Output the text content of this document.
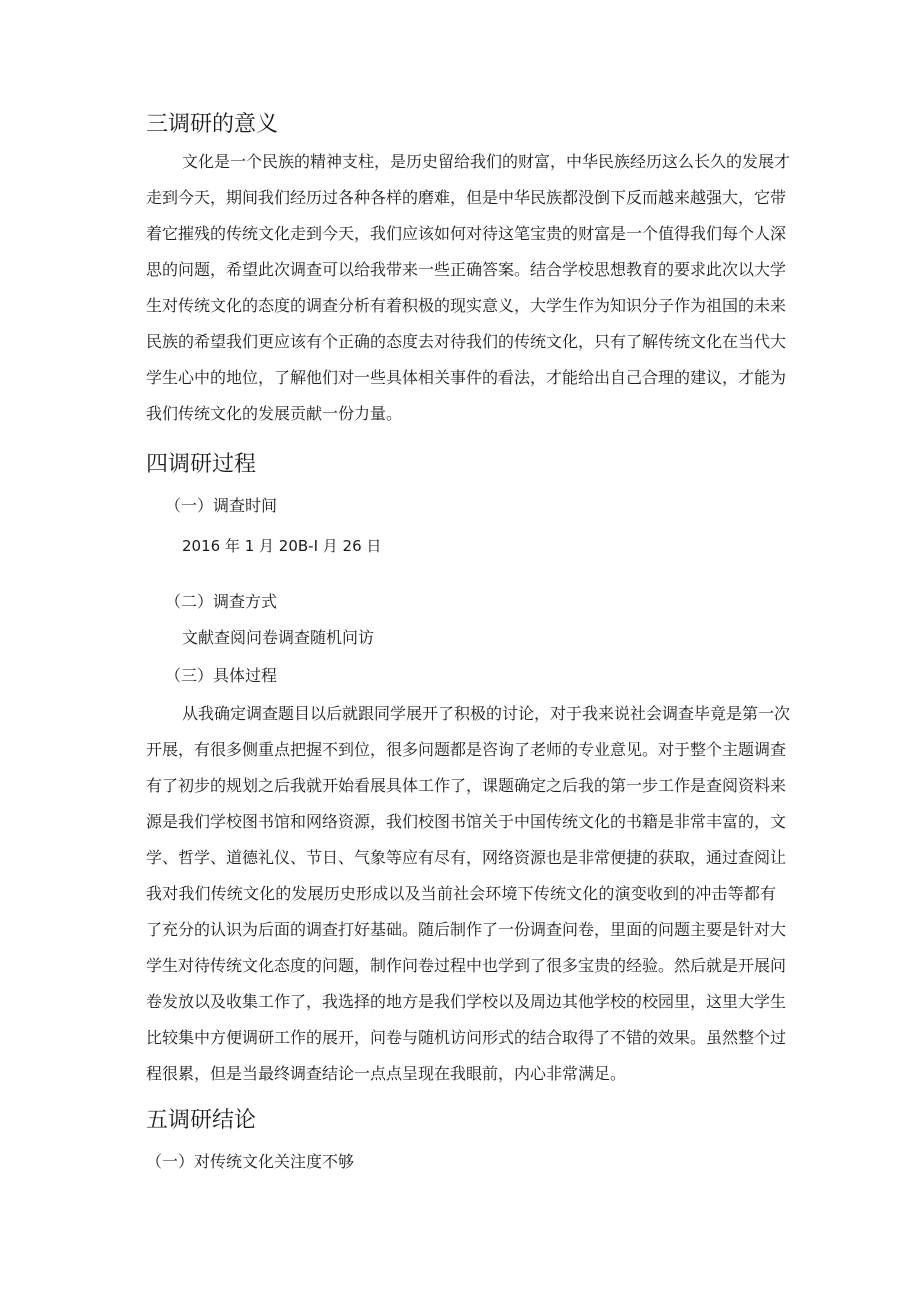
三调研的意义
文化是一个民族的精神支柱，是历史留给我们的财富，中华民族经历这么长久的发展才
走到今天，期间我们经历过各种各样的磨难，但是中华民族都没倒下反而越来越强大，它带
着它摧残的传统文化走到今天，我们应该如何对待这笔宝贵的财富是一个值得我们每个人深
思的问题，希望此次调查可以给我带来一些正确答案。结合学校思想教育的要求此次以大学
生对传统文化的态度的调查分析有着积极的现实意义，大学生作为知识分子作为祖国的未来
民族的希望我们更应该有个正确的态度去对待我们的传统文化，只有了解传统文化在当代大
学生心中的地位，了解他们对一些具体相关事件的看法，才能给出自己合理的建议，才能为
我们传统文化的发展贡献一份力量。
四调研过程
（一）调查时间
2016 年 1 月 20B-I 月 26 日
（二）调查方式
文献查阅问卷调查随机问访
（三）具体过程
从我确定调查题目以后就跟同学展开了积极的讨论，对于我来说社会调查毕竟是第一次
开展，有很多侧重点把握不到位，很多问题都是咨询了老师的专业意见。对于整个主题调查
有了初步的规划之后我就开始看展具体工作了，课题确定之后我的第一步工作是查阅资料来
源是我们学校图书馆和网络资源，我们校图书馆关于中国传统文化的书籍是非常丰富的，文
学、哲学、道德礼仪、节日、气象等应有尽有，网络资源也是非常便捷的获取，通过查阅让
我对我们传统文化的发展历史形成以及当前社会环境下传统文化的演变收到的冲击等都有
了充分的认识为后面的调查打好基础。随后制作了一份调查问卷，里面的问题主要是针对大
学生对待传统文化态度的问题，制作问卷过程中也学到了很多宝贵的经验。然后就是开展问
卷发放以及收集工作了，我选择的地方是我们学校以及周边其他学校的校园里，这里大学生
比较集中方便调研工作的展开，问卷与随机访问形式的结合取得了不错的效果。虽然整个过
程很累，但是当最终调查结论一点点呈现在我眼前，内心非常满足。
五调研结论
（一）对传统文化关注度不够
